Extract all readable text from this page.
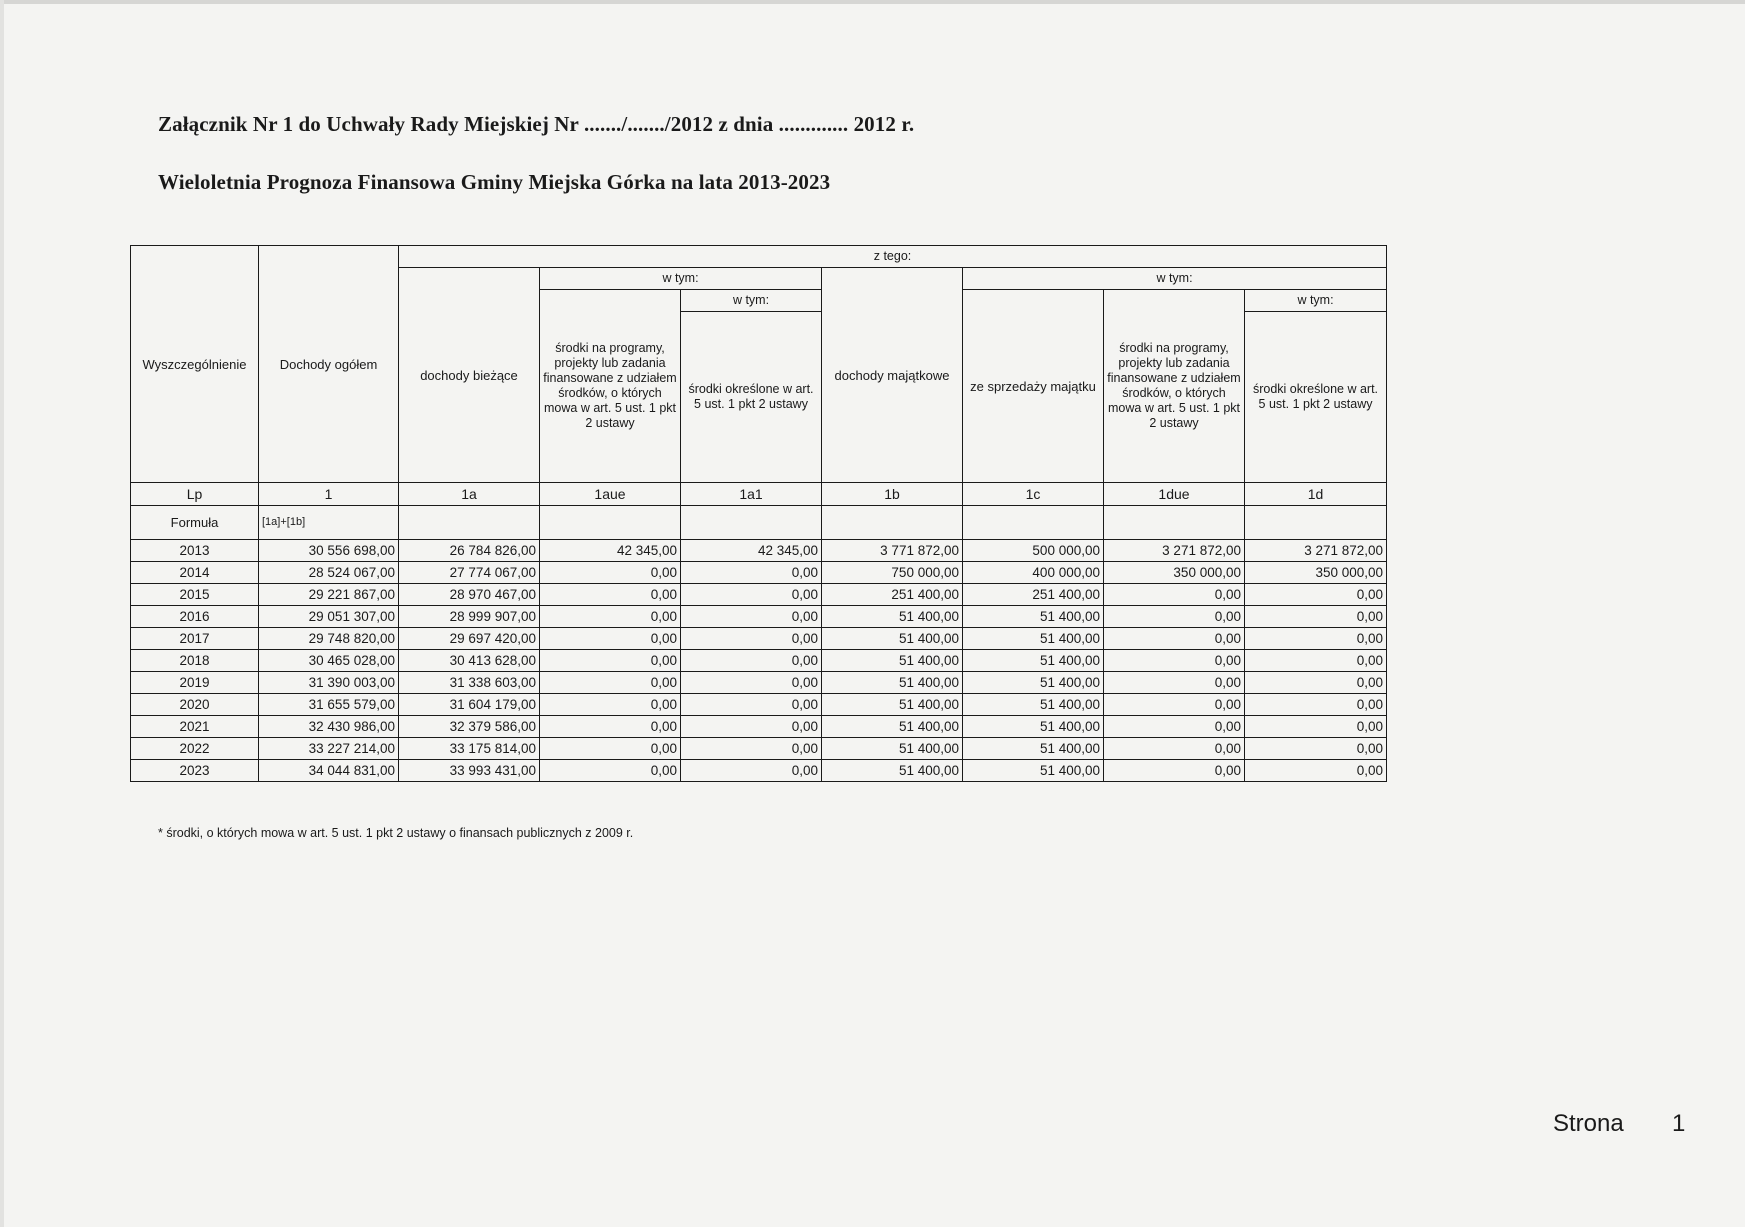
Załącznik Nr 1 do Uchwały Rady Miejskiej Nr ......./......./2012 z dnia ............. 2012 r.
Wieloletnia Prognoza Finansowa Gminy Miejska Górka na lata 2013-2023
Wyszczególnienie	Dochody ogółem	z tego:						
		dochody bieżące	w tym:		dochody majątkowe	w tym:		
			środki na programy, projekty lub zadania finansowane z udziałem środków, o których mowa w art. 5 ust. 1 pkt 2 ustawy	w tym:		ze sprzedaży majątku	środki na programy, projekty lub zadania finansowane z udziałem środków, o których mowa w art. 5 ust. 1 pkt 2 ustawy	w tym:
				środki określone w art. 5 ust. 1 pkt 2 ustawy				środki określone w art. 5 ust. 1 pkt 2 ustawy
Lp	1	1a	1aue	1a1	1b	1c	1due	1d
Formuła	[1a]+[1b]							
2013	30 556 698,00	26 784 826,00	42 345,00	42 345,00	3 771 872,00	500 000,00	3 271 872,00	3 271 872,00
2014	28 524 067,00	27 774 067,00	0,00	0,00	750 000,00	400 000,00	350 000,00	350 000,00
2015	29 221 867,00	28 970 467,00	0,00	0,00	251 400,00	251 400,00	0,00	0,00
2016	29 051 307,00	28 999 907,00	0,00	0,00	51 400,00	51 400,00	0,00	0,00
2017	29 748 820,00	29 697 420,00	0,00	0,00	51 400,00	51 400,00	0,00	0,00
2018	30 465 028,00	30 413 628,00	0,00	0,00	51 400,00	51 400,00	0,00	0,00
2019	31 390 003,00	31 338 603,00	0,00	0,00	51 400,00	51 400,00	0,00	0,00
2020	31 655 579,00	31 604 179,00	0,00	0,00	51 400,00	51 400,00	0,00	0,00
2021	32 430 986,00	32 379 586,00	0,00	0,00	51 400,00	51 400,00	0,00	0,00
2022	33 227 214,00	33 175 814,00	0,00	0,00	51 400,00	51 400,00	0,00	0,00
2023	34 044 831,00	33 993 431,00	0,00	0,00	51 400,00	51 400,00	0,00	0,00
* środki, o których mowa w art. 5 ust. 1 pkt 2 ustawy o finansach publicznych z 2009 r.
Strona 1
